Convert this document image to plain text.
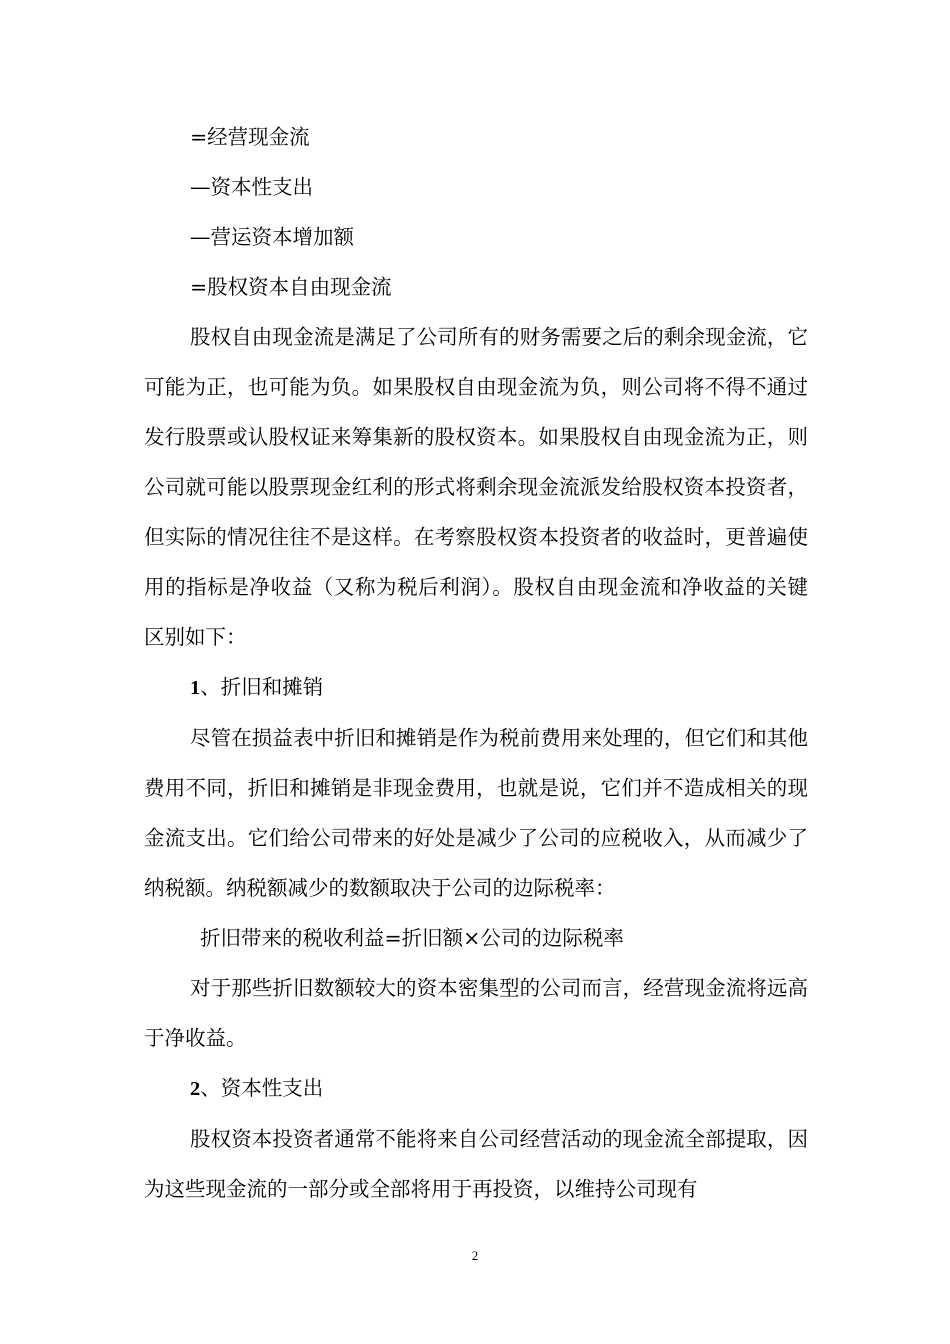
=经营现金流
—资本性支出
—营运资本增加额
=股权资本自由现金流

股权自由现金流是满足了公司所有的财务需要之后的剩余现金流，它可能为正，也可能为负。如果股权自由现金流为负，则公司将不得不通过发行股票或认股权证来筹集新的股权资本。如果股权自由现金流为正，则公司就可能以股票现金红利的形式将剩余现金流派发给股权资本投资者，但实际的情况往往不是这样。在考察股权资本投资者的收益时，更普遍使用的指标是净收益（又称为税后利润）。股权自由现金流和净收益的关键区别如下：

1、折旧和摊销

尽管在损益表中折旧和摊销是作为税前费用来处理的，但它们和其他费用不同，折旧和摊销是非现金费用，也就是说，它们并不造成相关的现金流支出。它们给公司带来的好处是减少了公司的应税收入，从而减少了纳税额。纳税额减少的数额取决于公司的边际税率：

折旧带来的税收利益=折旧额×公司的边际税率

对于那些折旧数额较大的资本密集型的公司而言，经营现金流将远高于净收益。

2、资本性支出

股权资本投资者通常不能将来自公司经营活动的现金流全部提取，因为这些现金流的一部分或全部将用于再投资，以维持公司现有

2
